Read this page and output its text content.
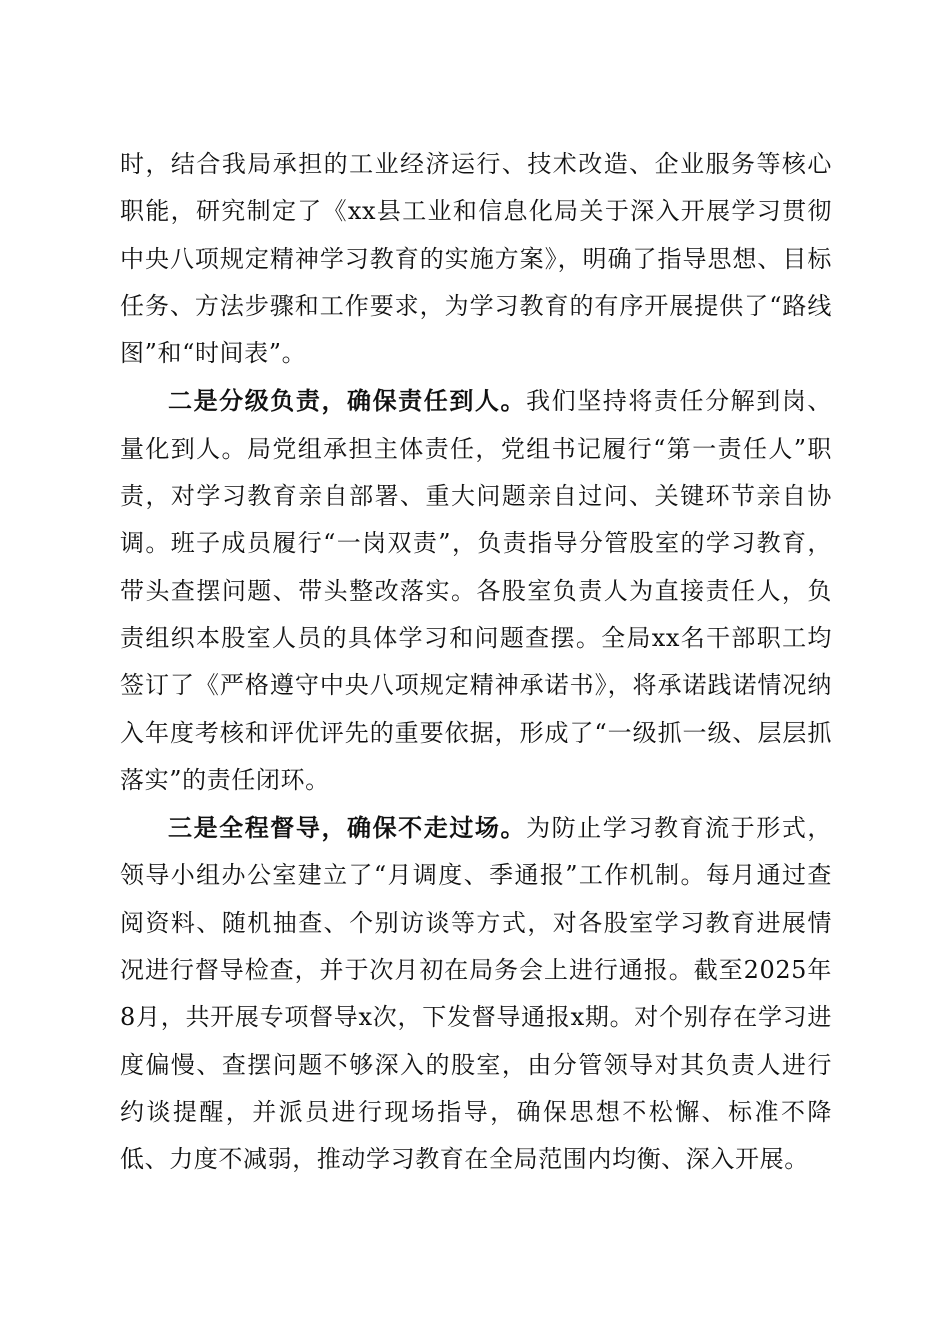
时，结合我局承担的工业经济运行、技术改造、企业服务等核心职能，研究制定了《xx县工业和信息化局关于深入开展学习贯彻中央八项规定精神学习教育的实施方案》，明确了指导思想、目标任务、方法步骤和工作要求，为学习教育的有序开展提供了“路线图”和“时间表”。

二是分级负责，确保责任到人。我们坚持将责任分解到岗、量化到人。局党组承担主体责任，党组书记履行“第一责任人”职责，对学习教育亲自部署、重大问题亲自过问、关键环节亲自协调。班子成员履行“一岗双责”，负责指导分管股室的学习教育，带头查摆问题、带头整改落实。各股室负责人为直接责任人，负责组织本股室人员的具体学习和问题查摆。全局xx名干部职工均签订了《严格遵守中央八项规定精神承诺书》，将承诺践诺情况纳入年度考核和评优评先的重要依据，形成了“一级抓一级、层层抓落实”的责任闭环。

三是全程督导，确保不走过场。为防止学习教育流于形式，领导小组办公室建立了“月调度、季通报”工作机制。每月通过查阅资料、随机抽查、个别访谈等方式，对各股室学习教育进展情况进行督导检查，并于次月初在局务会上进行通报。截至2025年8月，共开展专项督导x次，下发督导通报x期。对个别存在学习进度偏慢、查摆问题不够深入的股室，由分管领导对其负责人进行约谈提醒，并派员进行现场指导，确保思想不松懈、标准不降低、力度不减弱，推动学习教育在全局范围内均衡、深入开展。
